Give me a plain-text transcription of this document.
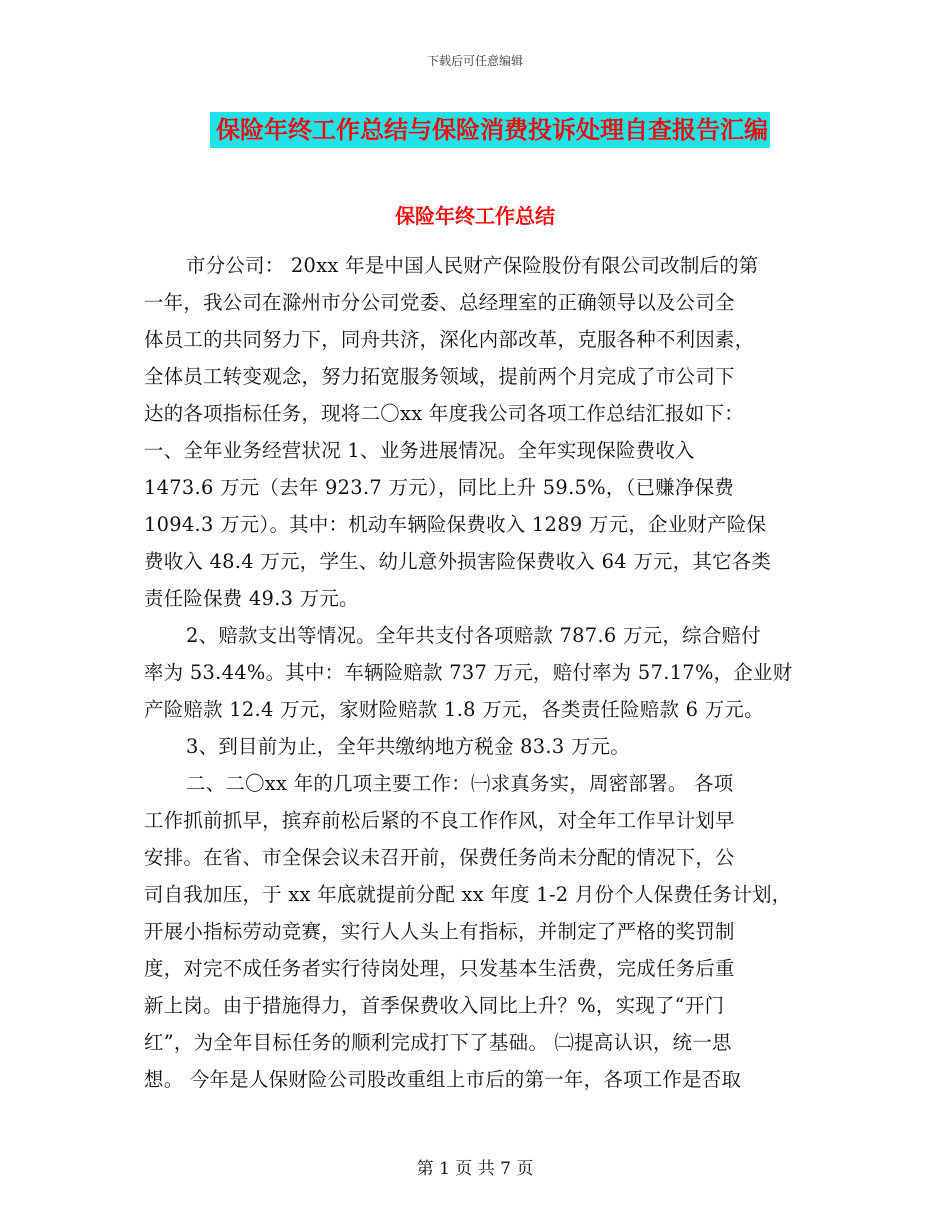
下载后可任意编辑
保险年终工作总结与保险消费投诉处理自查报告汇编
保险年终工作总结
市分公司： 20xx 年是中国人民财产保险股份有限公司改制后的第
一年，我公司在滁州市分公司党委、总经理室的正确领导以及公司全
体员工的共同努力下，同舟共济，深化内部改革，克服各种不利因素，
全体员工转变观念，努力拓宽服务领域，提前两个月完成了市公司下
达的各项指标任务，现将二〇xx 年度我公司各项工作总结汇报如下：
一、全年业务经营状况 1、业务进展情况。全年实现保险费收入
1473.6 万元（去年 923.7 万元），同比上升 59.5%，（已赚净保费
1094.3 万元）。其中：机动车辆险保费收入 1289 万元，企业财产险保
费收入 48.4 万元，学生、幼儿意外损害险保费收入 64 万元，其它各类
责任险保费 49.3 万元。
2、赔款支出等情况。全年共支付各项赔款 787.6 万元，综合赔付
率为 53.44%。其中：车辆险赔款 737 万元，赔付率为 57.17%，企业财
产险赔款 12.4 万元，家财险赔款 1.8 万元，各类责任险赔款 6 万元。
3、到目前为止，全年共缴纳地方税金 83.3 万元。
二、二〇xx 年的几项主要工作：㈠求真务实，周密部署。 各项
工作抓前抓早，摈弃前松后紧的不良工作作风，对全年工作早计划早
安排。在省、市全保会议未召开前，保费任务尚未分配的情况下，公
司自我加压，于 xx 年底就提前分配 xx 年度 1-2 月份个人保费任务计划，
开展小指标劳动竞赛，实行人人头上有指标，并制定了严格的奖罚制
度，对完不成任务者实行待岗处理，只发基本生活费，完成任务后重
新上岗。由于措施得力，首季保费收入同比上升？%，实现了“开门
红”，为全年目标任务的顺利完成打下了基础。 ㈡提高认识，统一思
想。 今年是人保财险公司股改重组上市后的第一年，各项工作是否取
第 1 页 共 7 页
